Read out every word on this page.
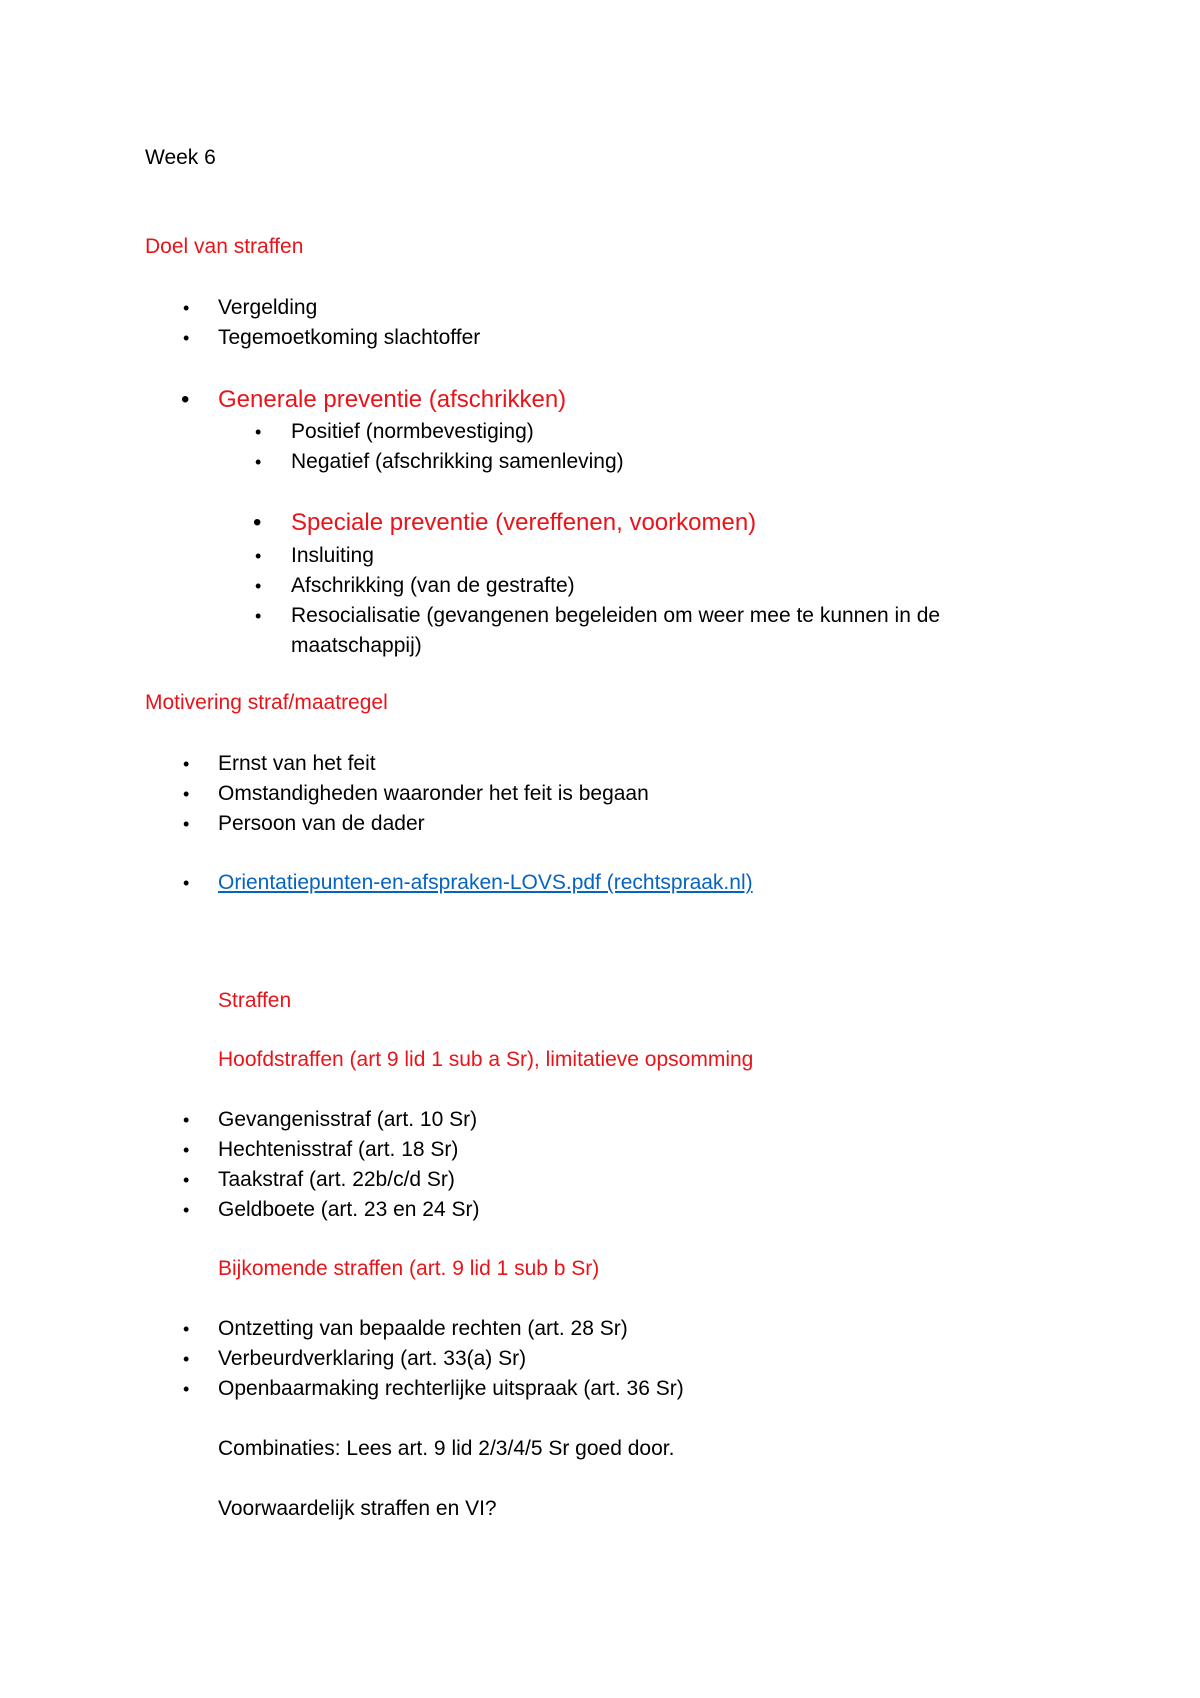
Week 6
Doel van straffen
• Vergelding
• Tegemoetkoming slachtoffer
• Generale preventie (afschrikken)
• Positief (normbevestiging)
• Negatief (afschrikking samenleving)
• Speciale preventie (vereffenen, voorkomen)
• Insluiting
• Afschrikking (van de gestrafte)
• Resocialisatie (gevangenen begeleiden om weer mee te kunnen in de
maatschappij)
Motivering straf/maatregel
• Ernst van het feit
• Omstandigheden waaronder het feit is begaan
• Persoon van de dader
• Orientatiepunten-en-afspraken-LOVS.pdf (rechtspraak.nl)
Straffen
Hoofdstraffen (art 9 lid 1 sub a Sr), limitatieve opsomming
• Gevangenisstraf (art. 10 Sr)
• Hechtenisstraf (art. 18 Sr)
• Taakstraf (art. 22b/c/d Sr)
• Geldboete (art. 23 en 24 Sr)
Bijkomende straffen (art. 9 lid 1 sub b Sr)
• Ontzetting van bepaalde rechten (art. 28 Sr)
• Verbeurdverklaring (art. 33(a) Sr)
• Openbaarmaking rechterlijke uitspraak (art. 36 Sr)
Combinaties: Lees art. 9 lid 2/3/4/5 Sr goed door.
Voorwaardelijk straffen en VI?
